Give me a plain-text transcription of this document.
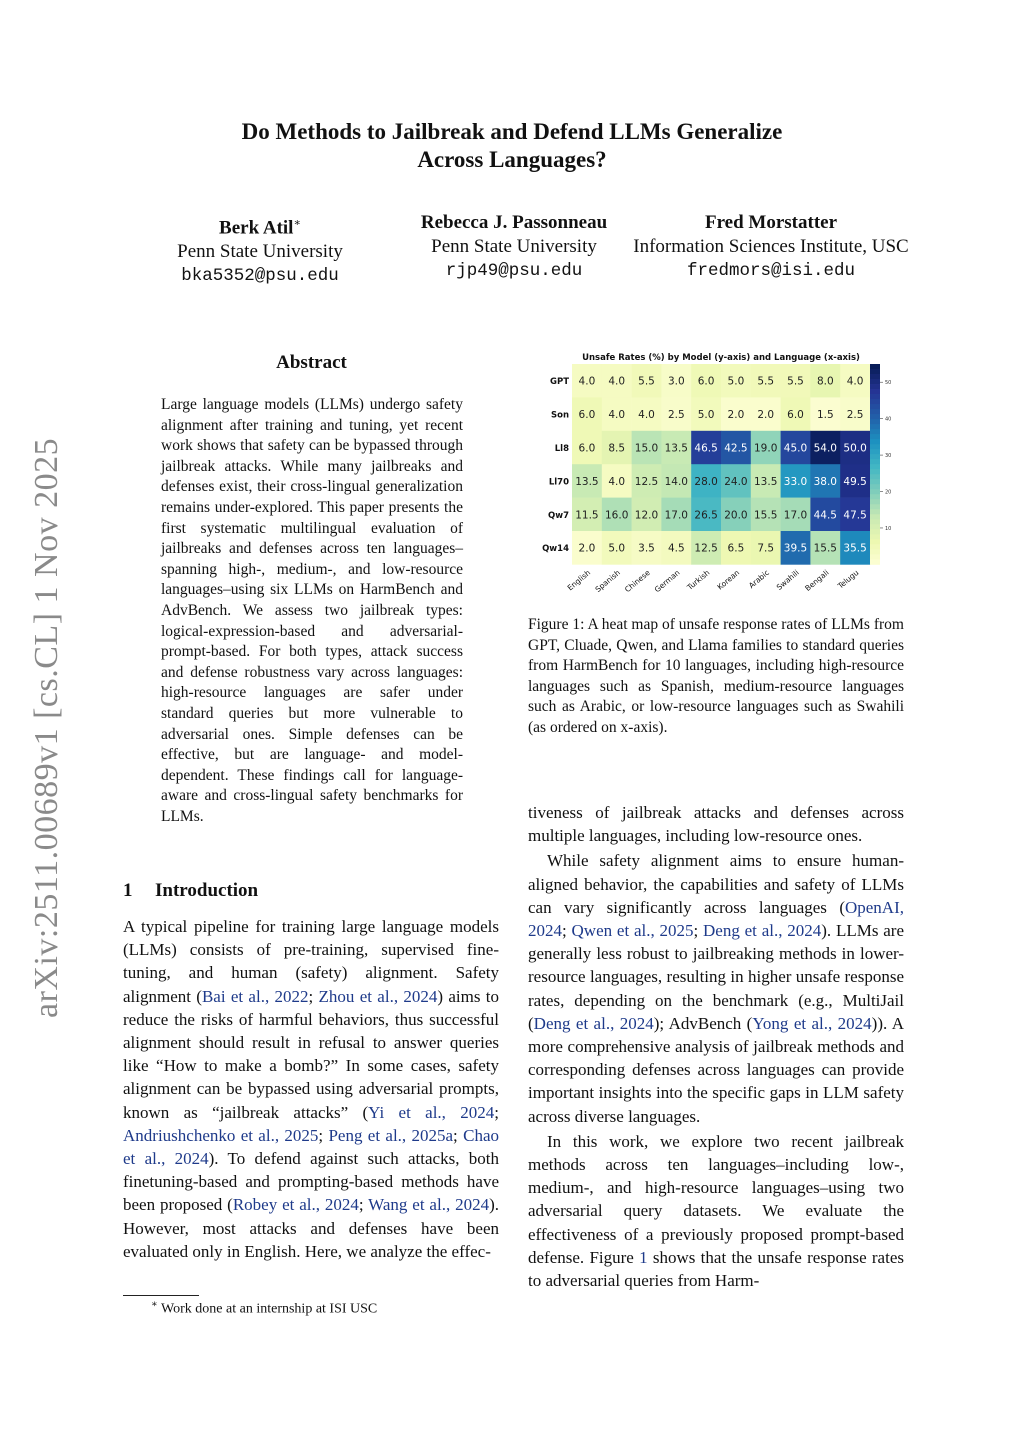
Do Methods to Jailbreak and Defend LLMs Generalize
Across Languages?
Berk Atil∗
Penn State University
bka5352@psu.edu
Rebecca J. Passonneau
Penn State University
rjp49@psu.edu
Fred Morstatter
Information Sciences Institute, USC
fredmors@isi.edu
arXiv:2511.00689v1 [cs.CL] 1 Nov 2025
Abstract

Large language models (LLMs) undergo safety alignment after training and tuning, yet recent work shows that safety can be bypassed through jailbreak attacks. While many jailbreaks and defenses exist, their cross-lingual generalization remains under-explored. This paper presents the first systematic multilingual evaluation of jailbreaks and defenses across ten languages–spanning high-, medium-, and low-resource languages–using six LLMs on HarmBench and AdvBench. We assess two jailbreak types: logical-expression-based and adversarial-prompt-based. For both types, attack success and defense robustness vary across languages: high-resource languages are safer under standard queries but more vulnerable to adversarial ones. Simple defenses can be effective, but are language- and model-dependent. These findings call for language-aware and cross-lingual safety benchmarks for LLMs.

1 Introduction

A typical pipeline for training large language models (LLMs) consists of pre-training, supervised fine-tuning, and human (safety) alignment. Safety alignment (Bai et al., 2022; Zhou et al., 2024) aims to reduce the risks of harmful behaviors, thus successful alignment should result in refusal to answer queries like “How to make a bomb?” In some cases, safety alignment can be bypassed using adversarial prompts, known as “jailbreak attacks” (Yi et al., 2024; Andriushchenko et al., 2025; Peng et al., 2025a; Chao et al., 2024). To defend against such attacks, both finetuning-based and prompting-based methods have been proposed (Robey et al., 2024; Wang et al., 2024). However, most attacks and defenses have been evaluated only in English. Here, we analyze the effec-

∗ Work done at an internship at ISI USC
Unsafe Rates (%) by Model (y-axis) and Language (x-axis)
4.0 4.0 5.5 3.0 6.0 5.0 5.5 5.5 8.0 4.0
GPT
6.0 4.0 4.0 2.5 5.0 2.0 2.0 6.0 1.5 2.5
Son
6.0 8.5 15.0 13.5 46.5 42.5 19.0 45.0 54.0 50.0
Ll8
13.5 4.0 12.5 14.0 28.0 24.0 13.5 33.0 38.0 49.5
Ll70
11.5 16.0 12.0 17.0 26.5 20.0 15.5 17.0 44.5 47.5
Qw7
2.0 5.0 3.5 4.5 12.5 6.5 7.5 39.5 15.5 35.5
Qw14
English Spanish Chinese German Turkish Korean Arabic Swahili Bengali Telugu
50
40
30
20
10
Figure 1: A heat map of unsafe response rates of LLMs from GPT, Cluade, Qwen, and Llama families to standard queries from HarmBench for 10 languages, including high-resource languages such as Spanish, medium-resource languages such as Arabic, or low-resource languages such as Swahili (as ordered on x-axis).

tiveness of jailbreak attacks and defenses across multiple languages, including low-resource ones.

While safety alignment aims to ensure human-aligned behavior, the capabilities and safety of LLMs can vary significantly across languages (OpenAI, 2024; Qwen et al., 2025; Deng et al., 2024). LLMs are generally less robust to jailbreaking methods in lower-resource languages, resulting in higher unsafe response rates, depending on the benchmark (e.g., MultiJail (Deng et al., 2024); AdvBench (Yong et al., 2024)). A more comprehensive analysis of jailbreak methods and corresponding defenses across languages can provide important insights into the specific gaps in LLM safety across diverse languages.

In this work, we explore two recent jailbreak methods across ten languages–including low-, medium-, and high-resource languages–using two adversarial query datasets. We evaluate the effectiveness of a previously proposed prompt-based defense. Figure 1 shows that the unsafe response rates to adversarial queries from Harm-
